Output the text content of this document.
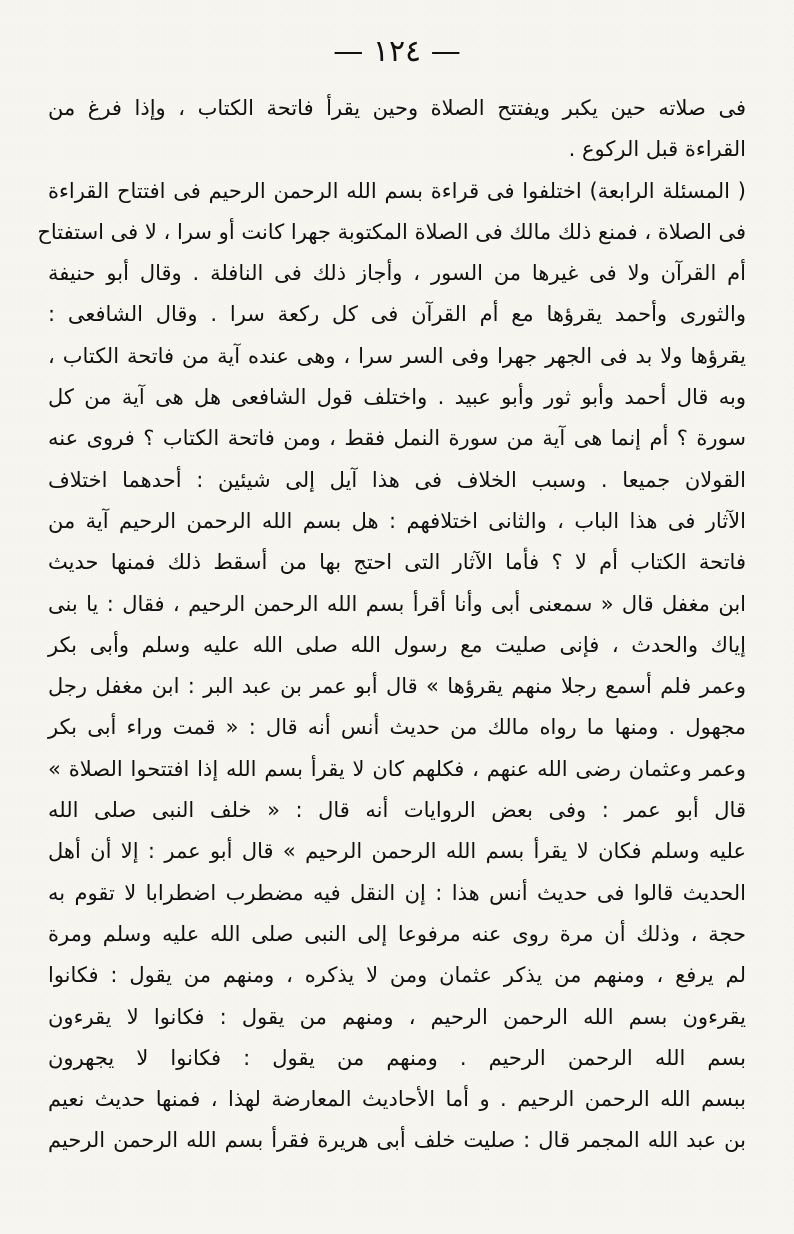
— ١٢٤ —

فى صلاته حين يكبر ويفتتح الصلاة وحين يقرأ فاتحة الكتاب ، وإذا فرغ من
القراءة قبل الركوع .

( المسئلة الرابعة) اختلفوا فى قراءة بسم الله الرحمن الرحيم فى افتتاح القراءة
فى الصلاة ، فمنع ذلك مالك فى الصلاة المكتوبة جهرا كانت أو سرا ، لا فى استفتاح
أم القرآن ولا فى غيرها من السور ، وأجاز ذلك فى النافلة . وقال أبو حنيفة
والثورى وأحمد يقرؤها مع أم القرآن فى كل ركعة سرا . وقال الشافعى :
يقرؤها ولا بد فى الجهر جهرا وفى السر سرا ، وهى عنده آية من فاتحة الكتاب ،
وبه قال أحمد وأبو ثور وأبو عبيد . واختلف قول الشافعى هل هى آية من كل
سورة ؟ أم إنما هى آية من سورة النمل فقط ، ومن فاتحة الكتاب ؟ فروى عنه
القولان جميعا . وسبب الخلاف فى هذا آيل إلى شيئين : أحدهما اختلاف
الآثار فى هذا الباب ، والثانى اختلافهم : هل بسم الله الرحمن الرحيم آية من
فاتحة الكتاب أم لا ؟ فأما الآثار التى احتج بها من أسقط ذلك فمنها حديث
ابن مغفل قال « سمعنى أبى وأنا أقرأ بسم الله الرحمن الرحيم ، فقال : يا بنى
إياك والحدث ، فإنى صليت مع رسول الله صلى الله عليه وسلم وأبى بكر
وعمر فلم أسمع رجلا منهم يقرؤها » قال أبو عمر بن عبد البر : ابن مغفل رجل
مجهول . ومنها ما رواه مالك من حديث أنس أنه قال : « قمت وراء أبى بكر
وعمر وعثمان رضى الله عنهم ، فكلهم كان لا يقرأ بسم الله إذا افتتحوا الصلاة »
قال أبو عمر : وفى بعض الروايات أنه قال : « خلف النبى صلى الله
عليه وسلم فكان لا يقرأ بسم الله الرحمن الرحيم » قال أبو عمر : إلا أن أهل
الحديث قالوا فى حديث أنس هذا : إن النقل فيه مضطرب اضطرابا لا تقوم به
حجة ، وذلك أن مرة روى عنه مرفوعا إلى النبى صلى الله عليه وسلم ومرة
لم يرفع ، ومنهم من يذكر عثمان ومن لا يذكره ، ومنهم من يقول : فكانوا
يقرءون بسم الله الرحمن الرحيم ، ومنهم من يقول : فكانوا لا يقرءون
بسم الله الرحمن الرحيم . ومنهم من يقول : فكانوا لا يجهرون
ببسم الله الرحمن الرحيم . و أما الأحاديث المعارضة لهذا ، فمنها حديث نعيم
بن عبد الله المجمر قال : صليت خلف أبى هريرة فقرأ بسم الله الرحمن الرحيم
